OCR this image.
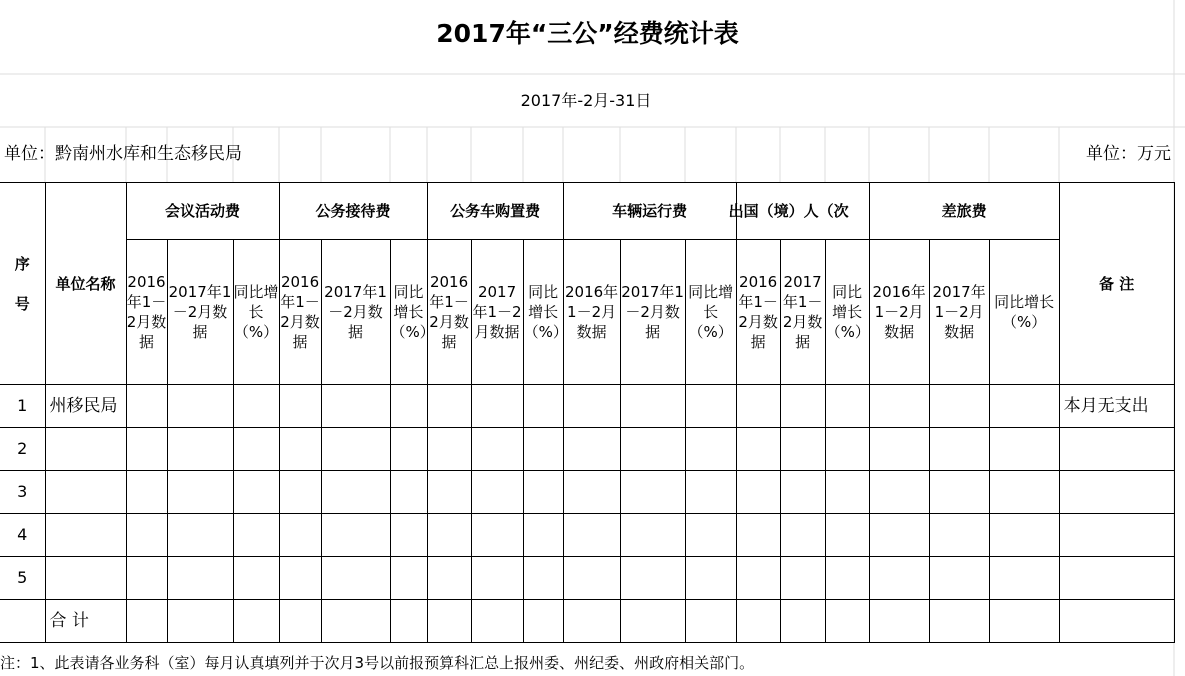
2017年“三公”经费统计表
2017年-2月-31日
单位：黔南州水库和生态移民局	单位：万元
序号	单位名称	会议活动费			公务接待费			公务车购置费			车辆运行费			出国（境）人（次			差旅费			备 注
		2016年1－2月数据	2017年1－2月数据	同比增长（%）	2016年1－2月数据	2017年1－2月数据	同比增长（%）	2016年1－2月数据	2017年1－2月数据	同比增长（%）	2016年1－2月数据	2017年1－2月数据	同比增长（%）	2016年1－2月数据	2017年1－2月数据	同比增长（%）	2016年1－2月数据	2017年1－2月数据	同比增长（%）	
1	州移民局																			本月无支出
2																				
3																				
4																				
5																				
	合 计																			
注：1、此表请各业务科（室）每月认真填列并于次月3号以前报预算科汇总上报州委、州纪委、州政府相关部门。
